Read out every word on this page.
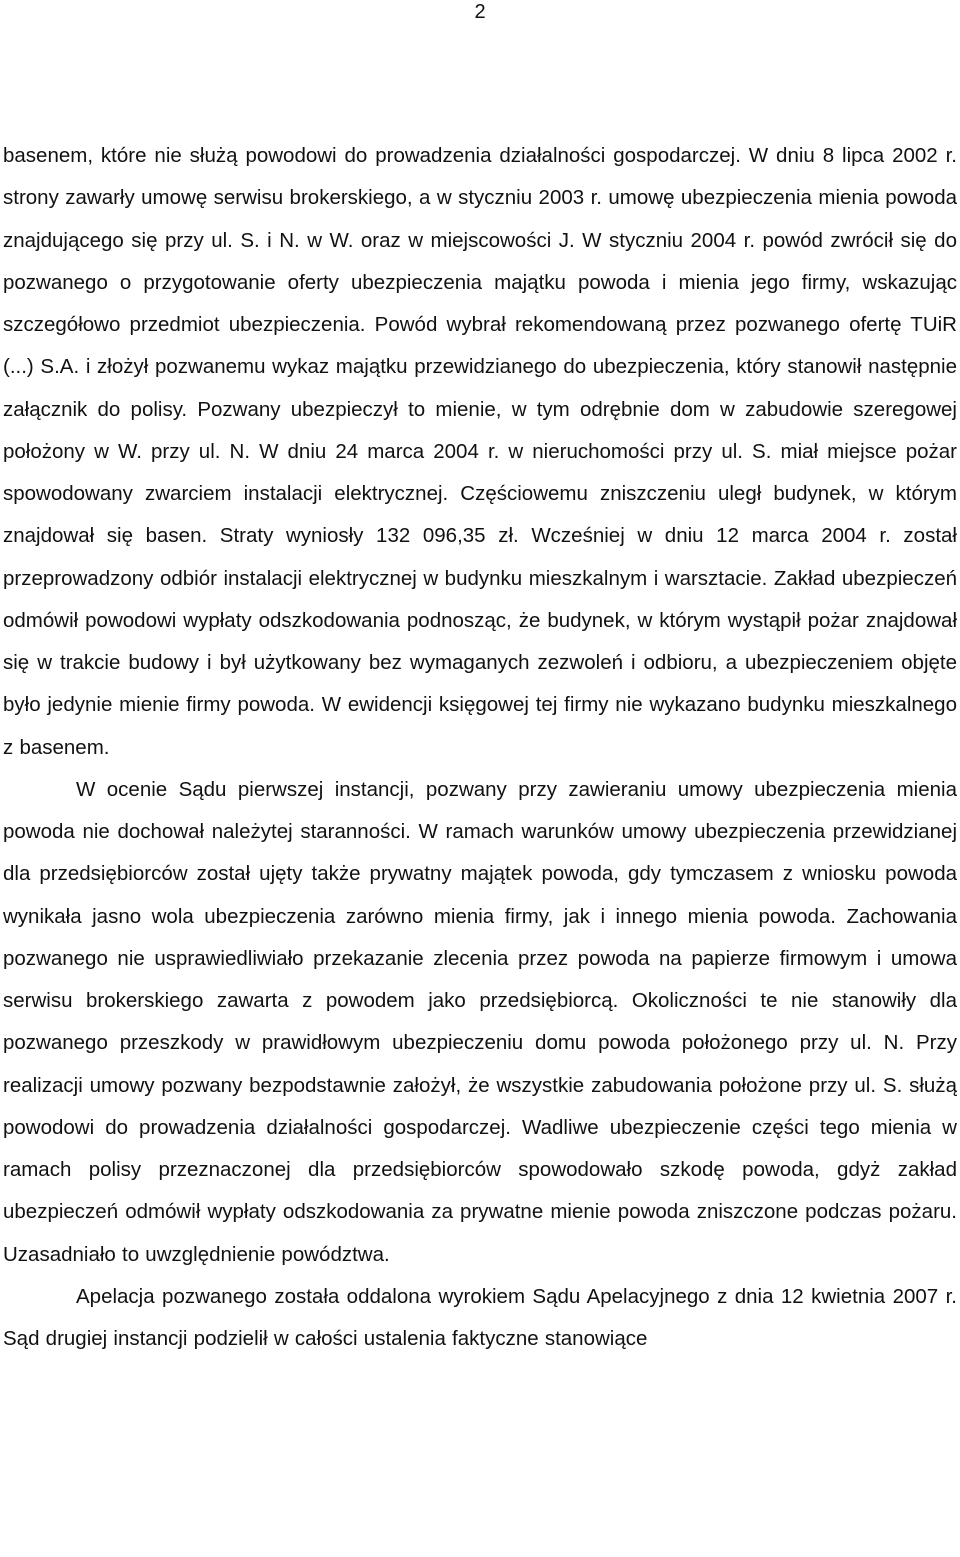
2

basenem, które nie służą powodowi do prowadzenia działalności gospodarczej. W dniu 8 lipca 2002 r. strony zawarły umowę serwisu brokerskiego, a w styczniu 2003 r. umowę ubezpieczenia mienia powoda znajdującego się przy ul. S. i N. w W. oraz w miejscowości J. W styczniu 2004 r. powód zwrócił się do pozwanego o przygotowanie oferty ubezpieczenia majątku powoda i mienia jego firmy, wskazując szczegółowo przedmiot ubezpieczenia. Powód wybrał rekomendowaną przez pozwanego ofertę TUiR (...) S.A. i złożył pozwanemu wykaz majątku przewidzianego do ubezpieczenia, który stanowił następnie załącznik do polisy. Pozwany ubezpieczył to mienie, w tym odrębnie dom w zabudowie szeregowej położony w W. przy ul. N. W dniu 24 marca 2004 r. w nieruchomości przy ul. S. miał miejsce pożar spowodowany zwarciem instalacji elektrycznej. Częściowemu zniszczeniu uległ budynek, w którym znajdował się basen. Straty wyniosły 132 096,35 zł. Wcześniej w dniu 12 marca 2004 r. został przeprowadzony odbiór instalacji elektrycznej w budynku mieszkalnym i warsztacie. Zakład ubezpieczeń odmówił powodowi wypłaty odszkodowania podnosząc, że budynek, w którym wystąpił pożar znajdował się w trakcie budowy i był użytkowany bez wymaganych zezwoleń i odbioru, a ubezpieczeniem objęte było jedynie mienie firmy powoda. W ewidencji księgowej tej firmy nie wykazano budynku mieszkalnego z basenem.

W ocenie Sądu pierwszej instancji, pozwany przy zawieraniu umowy ubezpieczenia mienia powoda nie dochował należytej staranności. W ramach warunków umowy ubezpieczenia przewidzianej dla przedsiębiorców został ujęty także prywatny majątek powoda, gdy tymczasem z wniosku powoda wynikała jasno wola ubezpieczenia zarówno mienia firmy, jak i innego mienia powoda. Zachowania pozwanego nie usprawiedliwiało przekazanie zlecenia przez powoda na papierze firmowym i umowa serwisu brokerskiego zawarta z powodem jako przedsiębiorcą. Okoliczności te nie stanowiły dla pozwanego przeszkody w prawidłowym ubezpieczeniu domu powoda położonego przy ul. N. Przy realizacji umowy pozwany bezpodstawnie założył, że wszystkie zabudowania położone przy ul. S. służą powodowi do prowadzenia działalności gospodarczej. Wadliwe ubezpieczenie części tego mienia w ramach polisy przeznaczonej dla przedsiębiorców spowodowało szkodę powoda, gdyż zakład ubezpieczeń odmówił wypłaty odszkodowania za prywatne mienie powoda zniszczone podczas pożaru. Uzasadniało to uwzględnienie powództwa.

Apelacja pozwanego została oddalona wyrokiem Sądu Apelacyjnego z dnia 12 kwietnia 2007 r. Sąd drugiej instancji podzielił w całości ustalenia faktyczne stanowiące
